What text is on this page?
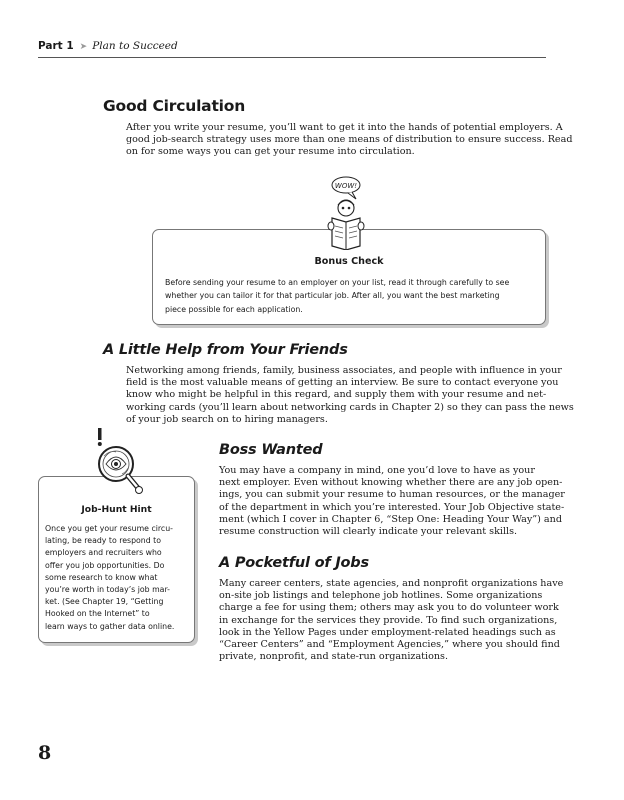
Part 1 ➤ Plan to Succeed
Good Circulation
After you write your resume, you’ll want to get it into the hands of potential employers. A
good job-search strategy uses more than one means of distribution to ensure success. Read
on for some ways you can get your resume into circulation.
Bonus Check
Before sending your resume to an employer on your list, read it through carefully to see
whether you can tailor it for that particular job. After all, you want the best marketing
piece possible for each application.
WOW!
A Little Help from Your Friends
Networking among friends, family, business associates, and people with influence in your
field is the most valuable means of getting an interview. Be sure to contact everyone you
know who might be helpful in this regard, and supply them with your resume and net-
working cards (you’ll learn about networking cards in Chapter 2) so they can pass the news
of your job search on to hiring managers.
Job-Hunt Hint
Once you get your resume circu-
lating, be ready to respond to
employers and recruiters who
offer you job opportunities. Do
some research to know what
you’re worth in today’s job mar-
ket. (See Chapter 19, “Getting
Hooked on the Internet” to
learn ways to gather data online.
Boss Wanted
You may have a company in mind, one you’d love to have as your
next employer. Even without knowing whether there are any job open-
ings, you can submit your resume to human resources, or the manager
of the department in which you’re interested. Your Job Objective state-
ment (which I cover in Chapter 6, “Step One: Heading Your Way”) and
resume construction will clearly indicate your relevant skills.
A Pocketful of Jobs
Many career centers, state agencies, and nonprofit organizations have
on-site job listings and telephone job hotlines. Some organizations
charge a fee for using them; others may ask you to do volunteer work
in exchange for the services they provide. To find such organizations,
look in the Yellow Pages under employment-related headings such as
“Career Centers” and “Employment Agencies,” where you should find
private, nonprofit, and state-run organizations.
8
